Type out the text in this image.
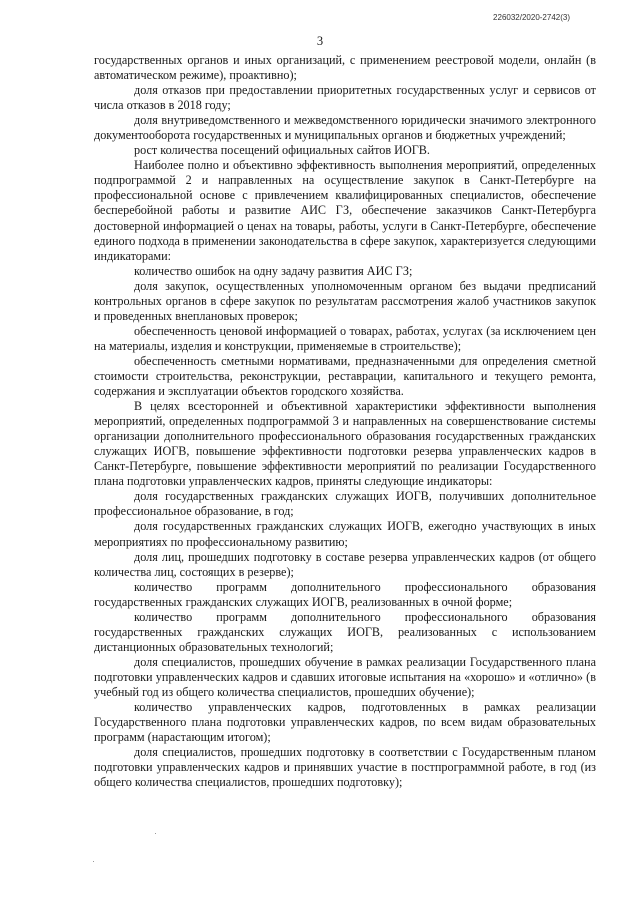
226032/2020-2742(3)
3

государственных органов и иных организаций, с применением реестровой модели, онлайн (в автоматическом режиме), проактивно);

доля отказов при предоставлении приоритетных государственных услуг и сервисов от числа отказов в 2018 году;

доля внутриведомственного и межведомственного юридически значимого электронного документооборота государственных и муниципальных органов и бюджетных учреждений;

рост количества посещений официальных сайтов ИОГВ.

Наиболее полно и объективно эффективность выполнения мероприятий, определенных подпрограммой 2 и направленных на осуществление закупок в Санкт-Петербурге на профессиональной основе с привлечением квалифицированных специалистов, обеспечение бесперебойной работы и развитие АИС ГЗ, обеспечение заказчиков Санкт-Петербурга достоверной информацией о ценах на товары, работы, услуги в Санкт-Петербурге, обеспечение единого подхода в применении законодательства в сфере закупок, характеризуется следующими индикаторами:

количество ошибок на одну задачу развития АИС ГЗ;

доля закупок, осуществленных уполномоченным органом без выдачи предписаний контрольных органов в сфере закупок по результатам рассмотрения жалоб участников закупок и проведенных внеплановых проверок;

обеспеченность ценовой информацией о товарах, работах, услугах (за исключением цен на материалы, изделия и конструкции, применяемые в строительстве);

обеспеченность сметными нормативами, предназначенными для определения сметной стоимости строительства, реконструкции, реставрации, капитального и текущего ремонта, содержания и эксплуатации объектов городского хозяйства.

В целях всесторонней и объективной характеристики эффективности выполнения мероприятий, определенных подпрограммой 3 и направленных на совершенствование системы организации дополнительного профессионального образования государственных гражданских служащих ИОГВ, повышение эффективности подготовки резерва управленческих кадров в Санкт-Петербурге, повышение эффективности мероприятий по реализации Государственного плана подготовки управленческих кадров, приняты следующие индикаторы:

доля государственных гражданских служащих ИОГВ, получивших дополнительное профессиональное образование, в год;

доля государственных гражданских служащих ИОГВ, ежегодно участвующих в иных мероприятиях по профессиональному развитию;

доля лиц, прошедших подготовку в составе резерва управленческих кадров (от общего количества лиц, состоящих в резерве);

количество программ дополнительного профессионального образования государственных гражданских служащих ИОГВ, реализованных в очной форме;

количество программ дополнительного профессионального образования государственных гражданских служащих ИОГВ, реализованных с использованием дистанционных образовательных технологий;

доля специалистов, прошедших обучение в рамках реализации Государственного плана подготовки управленческих кадров и сдавших итоговые испытания на «хорошо» и «отлично» (в учебный год из общего количества специалистов, прошедших обучение);

количество управленческих кадров, подготовленных в рамках реализации Государственного плана подготовки управленческих кадров, по всем видам образовательных программ (нарастающим итогом);

доля специалистов, прошедших подготовку в соответствии с Государственным планом подготовки управленческих кадров и принявших участие в постпрограммной работе, в год (из общего количества специалистов, прошедших подготовку);
